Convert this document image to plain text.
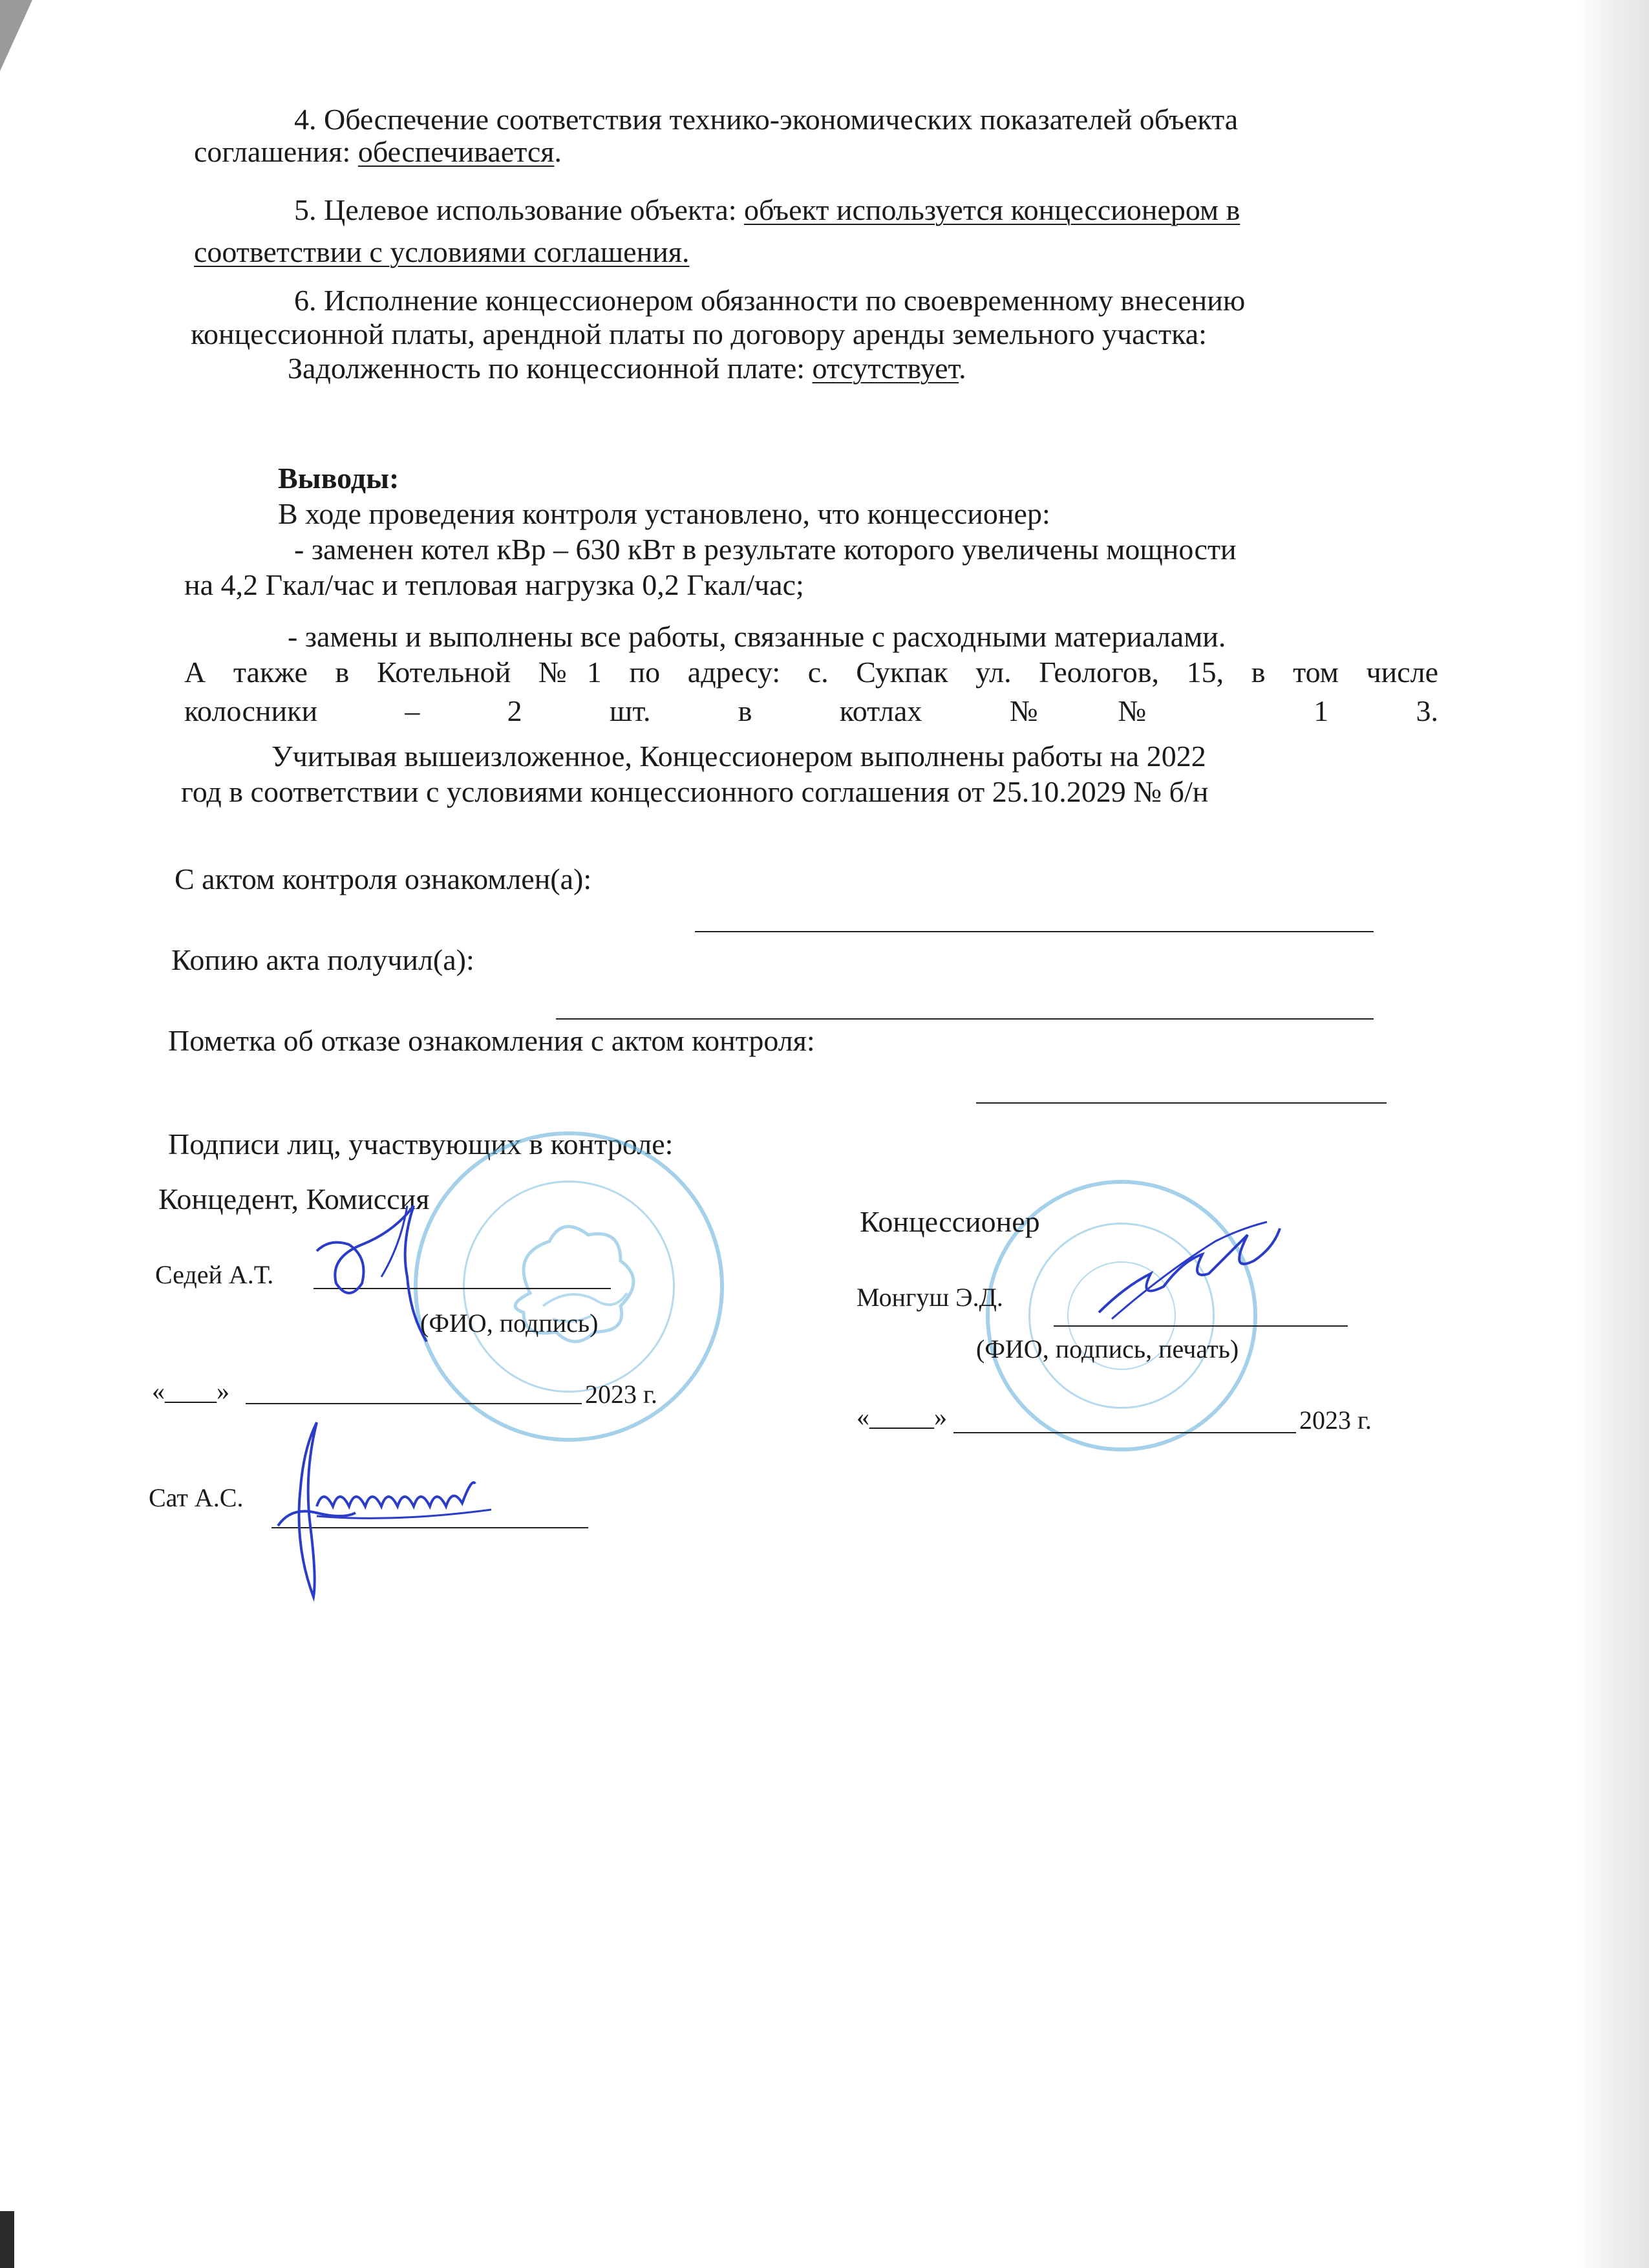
4. Обеспечение соответствия технико-экономических показателей объекта
соглашения: обеспечивается.
5. Целевое использование объекта: объект используется концессионером в
соответствии с условиями соглашения.
6. Исполнение концессионером обязанности по своевременному внесению
концессионной платы, арендной платы по договору аренды земельного участка:
Задолженность по концессионной плате: отсутствует.
Выводы:
В ходе проведения контроля установлено, что концессионер:
- заменен котел кВр – 630 кВт в результате которого увеличены мощности
на 4,2 Гкал/час и тепловая нагрузка 0,2 Гкал/час;
- замены и выполнены все работы, связанные с расходными материалами.
А также в Котельной №1 по адресу: с. Сукпак ул. Геологов, 15, в том числе
колосники – 2 шт. в котлах №№ 1 3.
Учитывая вышеизложенное, Концессионером выполнены работы на 2022
год в соответствии с условиями концессионного соглашения от 25.10.2029 № б/н
С актом контроля ознакомлен(а):
Копию акта получил(а):
Пометка об отказе ознакомления с актом контроля:
Подписи лиц, участвующих в контроле:
Концедент, Комиссия
Седей А.Т.
(ФИО, подпись)
«____»	2023 г.
Сат А.С.
Концессионер
Монгуш Э.Д.
(ФИО, подпись, печать)
«_____»	2023 г.
